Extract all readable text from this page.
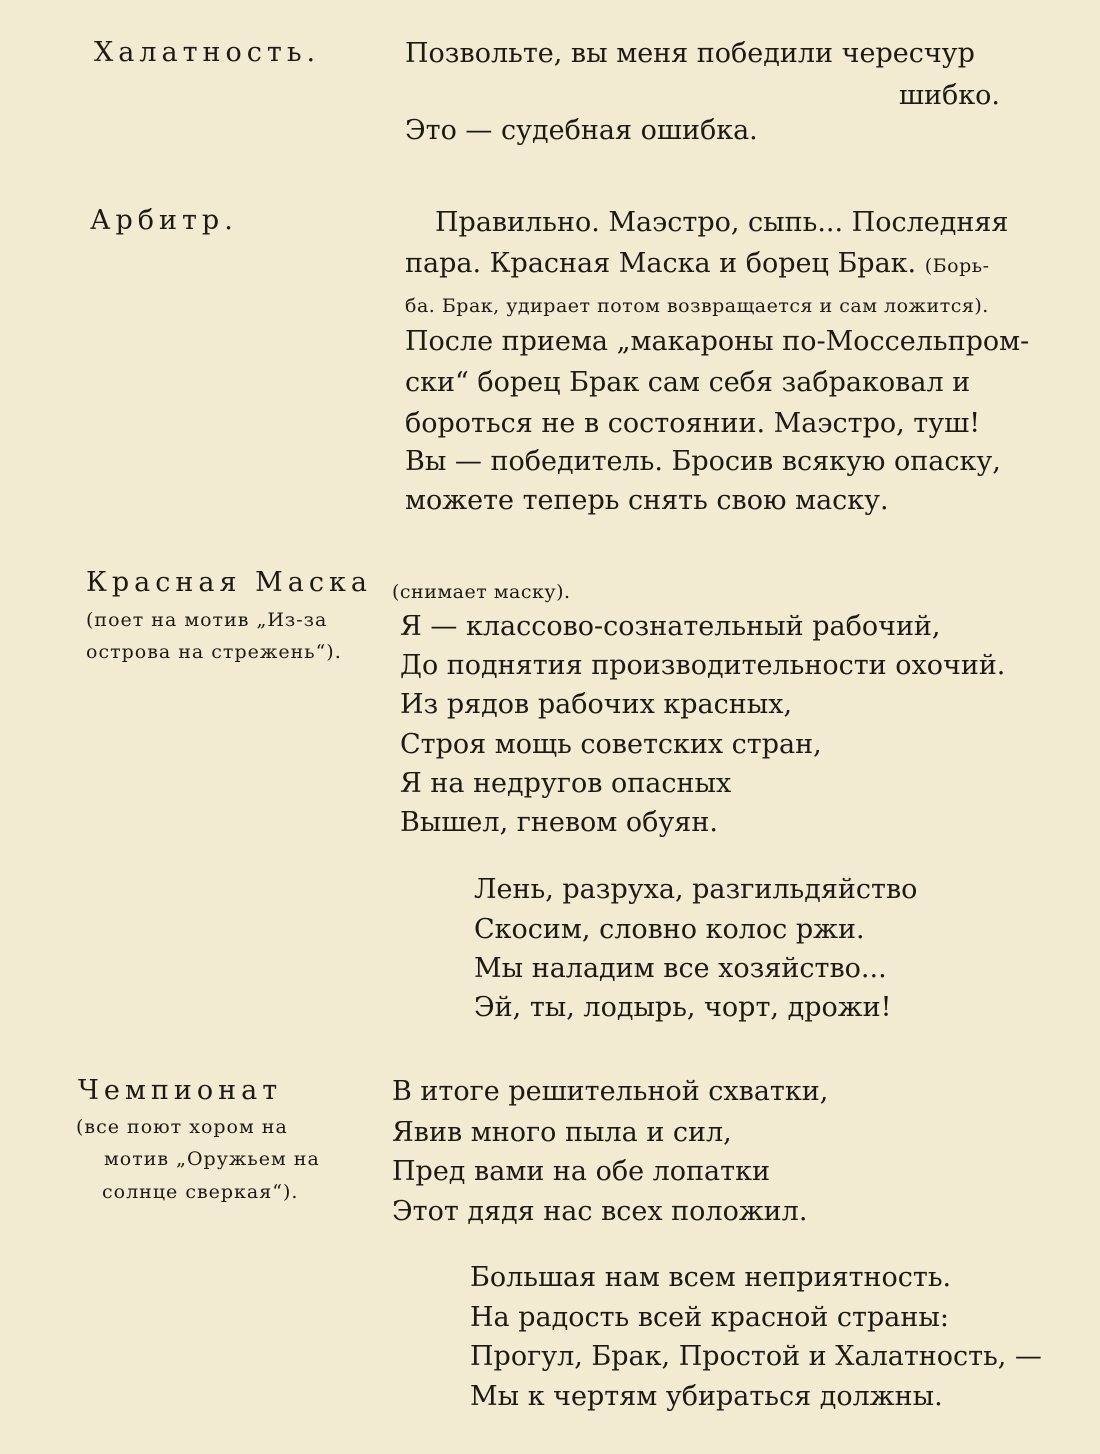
Халатность.	Позвольте, вы меня победили чересчур
шибко.
Это — судебная ошибка.
Арбитр.	Правильно. Маэстро, сыпь... Последняя
пара. Красная Маска и борец Брак. (Борь-
ба. Брак, удирает потом возвращается и сам ложится).
После приема „макароны по-Моссельпром-
ски“ борец Брак сам себя забраковал и
бороться не в состоянии. Маэстро, туш!
Вы — победитель. Бросив всякую опаску,
можете теперь снять свою маску.
Красная Маска (снимает маску).
(поет на мотив „Из-за
острова на стрежень“).
Я — классово-сознательный рабочий,
До поднятия производительности охочий.
Из рядов рабочих красных,
Строя мощь советских стран,
Я на недругов опасных
Вышел, гневом обуян.
Лень, разруха, разгильдяйство
Скосим, словно колос ржи.
Мы наладим все хозяйство...
Эй, ты, лодырь, чорт, дрожи!
Чемпионат
(все поют хором на
мотив „Оружьем на
солнце сверкая“).
В итоге решительной схватки,
Явив много пыла и сил,
Пред вами на обе лопатки
Этот дядя нас всех положил.
Большая нам всем неприятность.
На радость всей красной страны:
Прогул, Брак, Простой и Халатность, —
Мы к чертям убираться должны.
